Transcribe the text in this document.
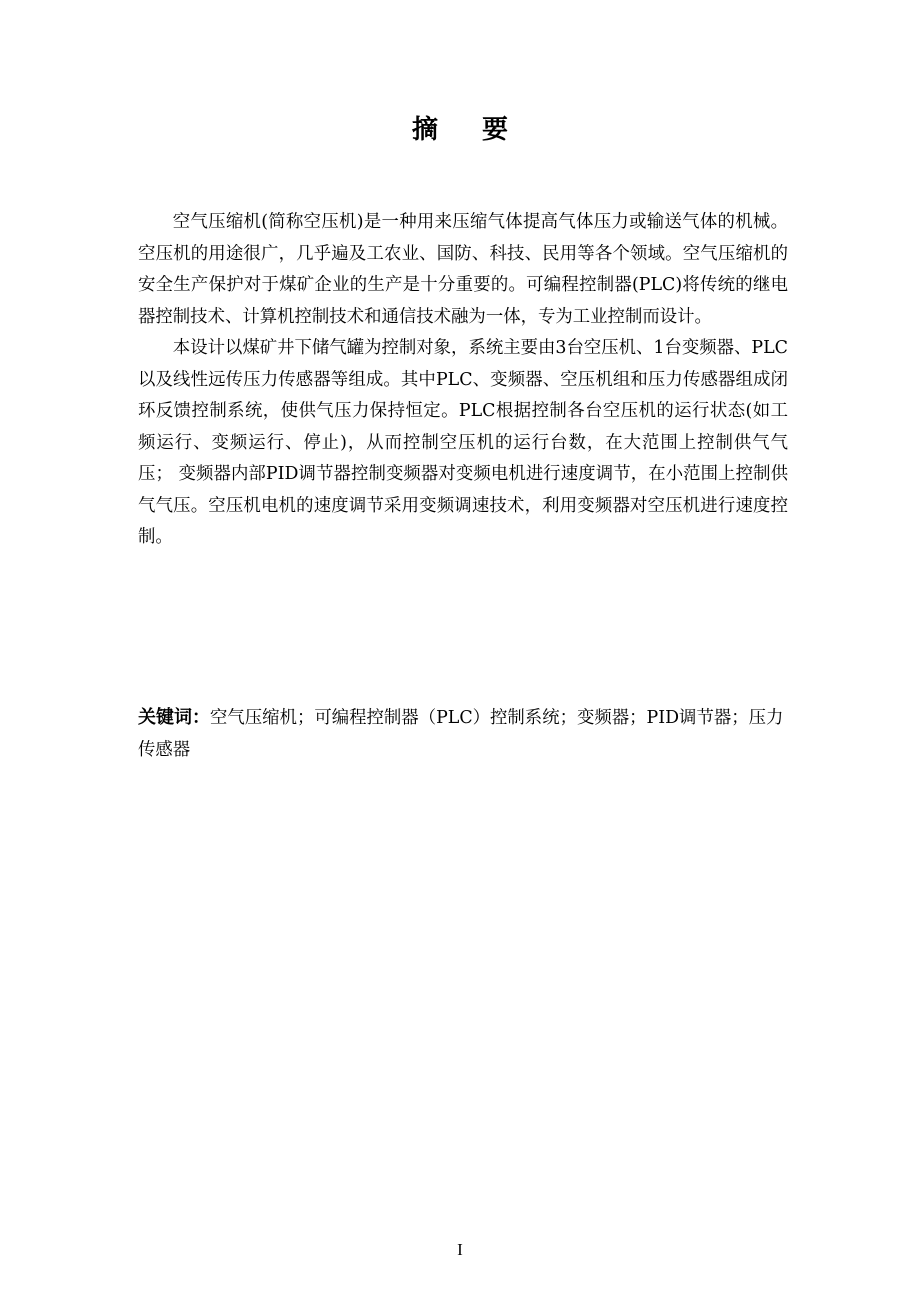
摘要

空气压缩机(简称空压机)是一种用来压缩气体提高气体压力或输送气体的机械。空压机的用途很广，几乎遍及工农业、国防、科技、民用等各个领域。空气压缩机的安全生产保护对于煤矿企业的生产是十分重要的。可编程控制器(PLC)将传统的继电器控制技术、计算机控制技术和通信技术融为一体，专为工业控制而设计。

本设计以煤矿井下储气罐为控制对象，系统主要由3台空压机、1台变频器、PLC以及线性远传压力传感器等组成。其中PLC、变频器、空压机组和压力传感器组成闭环反馈控制系统，使供气压力保持恒定。PLC根据控制各台空压机的运行状态(如工频运行、变频运行、停止)，从而控制空压机的运行台数，在大范围上控制供气气压； 变频器内部PID调节器控制变频器对变频电机进行速度调节，在小范围上控制供气气压。空压机电机的速度调节采用变频调速技术，利用变频器对空压机进行速度控制。

关键词：空气压缩机；可编程控制器（PLC）控制系统；变频器；PID调节器；压力传感器
I
